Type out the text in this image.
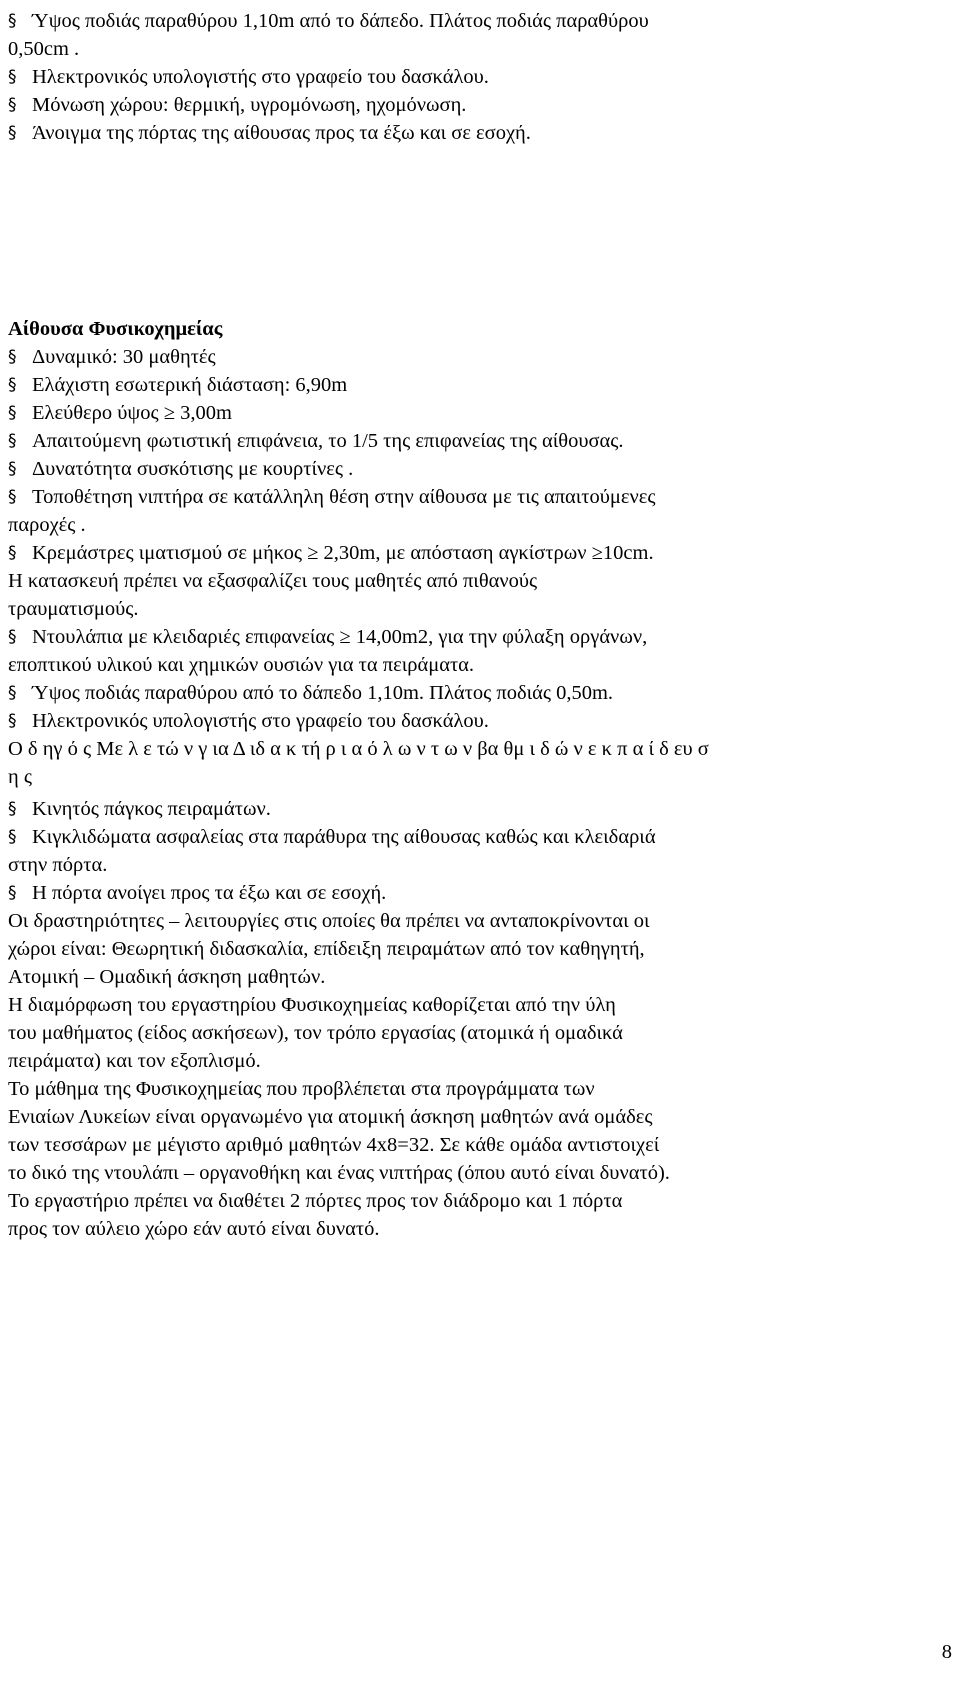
§ Ύψος ποδιάς παραθύρου 1,10m από το δάπεδο. Πλάτος ποδιάς παραθύρου
0,50cm .
§ Ηλεκτρονικός υπολογιστής στο γραφείο του δασκάλου.
§ Μόνωση χώρου: θερμική, υγρομόνωση, ηχομόνωση.
§ Άνοιγμα της πόρτας της αίθουσας προς τα έξω και σε εσοχή.
Αίθουσα Φυσικοχημείας
§ Δυναμικό: 30 μαθητές
§ Ελάχιστη εσωτερική διάσταση: 6,90m
§ Ελεύθερο ύψος ≥ 3,00m
§ Απαιτούμενη φωτιστική επιφάνεια, το 1/5 της επιφανείας της αίθουσας.
§ Δυνατότητα συσκότισης με κουρτίνες .
§ Τοποθέτηση νιπτήρα σε κατάλληλη θέση στην αίθουσα με τις απαιτούμενες
παροχές .
§ Κρεμάστρες ιματισμού σε μήκος ≥ 2,30m, με απόσταση αγκίστρων ≥10cm.
Η κατασκευή πρέπει να εξασφαλίζει τους μαθητές από πιθανούς
τραυματισμούς.
§ Ντουλάπια με κλειδαριές επιφανείας ≥ 14,00m2, για την φύλαξη οργάνων,
εποπτικού υλικού και χημικών ουσιών για τα πειράματα.
§ Ύψος ποδιάς παραθύρου από το δάπεδο 1,10m. Πλάτος ποδιάς 0,50m.
§ Ηλεκτρονικός υπολογιστής στο γραφείο του δασκάλου.
Ο δ ηγ ό ς Με λ ε τώ ν γ ια Δ ιδ α κ τή ρ ι α ό λ ω ν τ ω ν βα θμ ι δ ώ ν ε κ π α ί δ ευ σ
η ς
§ Κινητός πάγκος πειραμάτων.
§ Κιγκλιδώματα ασφαλείας στα παράθυρα της αίθουσας καθώς και κλειδαριά
στην πόρτα.
§ Η πόρτα ανοίγει προς τα έξω και σε εσοχή.
Οι δραστηριότητες – λειτουργίες στις οποίες θα πρέπει να ανταποκρίνονται οι
χώροι είναι: Θεωρητική διδασκαλία, επίδειξη πειραμάτων από τον καθηγητή,
Ατομική – Ομαδική άσκηση μαθητών.
Η διαμόρφωση του εργαστηρίου Φυσικοχημείας καθορίζεται από την ύλη
του μαθήματος (είδος ασκήσεων), τον τρόπο εργασίας (ατομικά ή ομαδικά
πειράματα) και τον εξοπλισμό.
Το μάθημα της Φυσικοχημείας που προβλέπεται στα προγράμματα των
Ενιαίων Λυκείων είναι οργανωμένο για ατομική άσκηση μαθητών ανά ομάδες
των τεσσάρων με μέγιστο αριθμό μαθητών 4x8=32. Σε κάθε ομάδα αντιστοιχεί
το δικό της ντουλάπι – οργανοθήκη και ένας νιπτήρας (όπου αυτό είναι δυνατό).
Το εργαστήριο πρέπει να διαθέτει 2 πόρτες προς τον διάδρομο και 1 πόρτα
προς τον αύλειο χώρο εάν αυτό είναι δυνατό.
8
